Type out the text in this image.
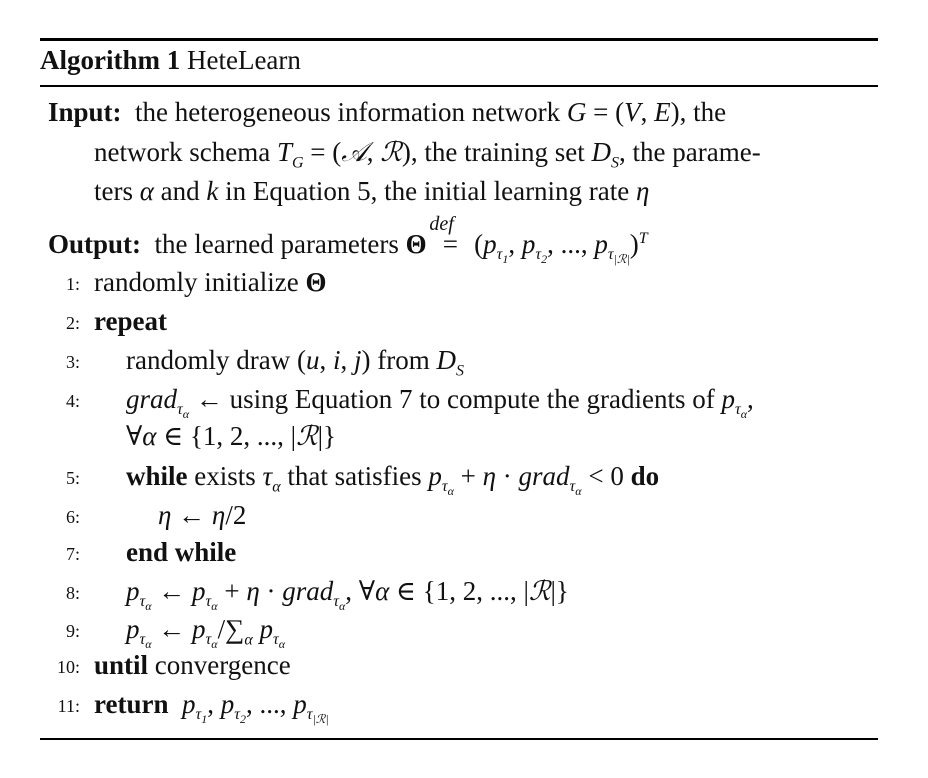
Algorithm 1 HeteLearn
Input:  the heterogeneous information network G = (V, E), the
network schema $T_G$ = (𝒜, ℛ), the training set $D_S$, the parame-
ters α and k in Equation 5, the initial learning rate η
Output:  the learned parameters Θ
def
= ($p_{\tau_1}$, $p_{\tau_2}$, ..., $p_{\tau_{|ℛ|}})^T$
1: randomly initialize Θ
2: repeat
3: randomly draw (u, i, j) from $D_S$
4: grad$_{\tau_\alpha}$ ← using Equation 7 to compute the gradients of $p_{\tau_\alpha}$,
∀α ∈ {1, 2, ..., |ℛ|}
5: while exists $\tau_\alpha$ that satisfies $p_{\tau_\alpha} + \eta$ · grad$_{\tau_\alpha}$ < 0 do
6:	η ← η/2
7: end while
8: $p_{\tau_\alpha}$ ← $p_{\tau_\alpha} + \eta$ · grad$_{\tau_\alpha}$, ∀α ∈ {1, 2, ..., |ℛ|}
9: $p_{\tau_\alpha}$ ← $p_{\tau_\alpha}/\sum_\alpha$ $p_{\tau_\alpha}$
10: until convergence
11: return $p_{\tau_1}$, $p_{\tau_2}$, ..., $p_{\tau_{|ℛ|}}$
